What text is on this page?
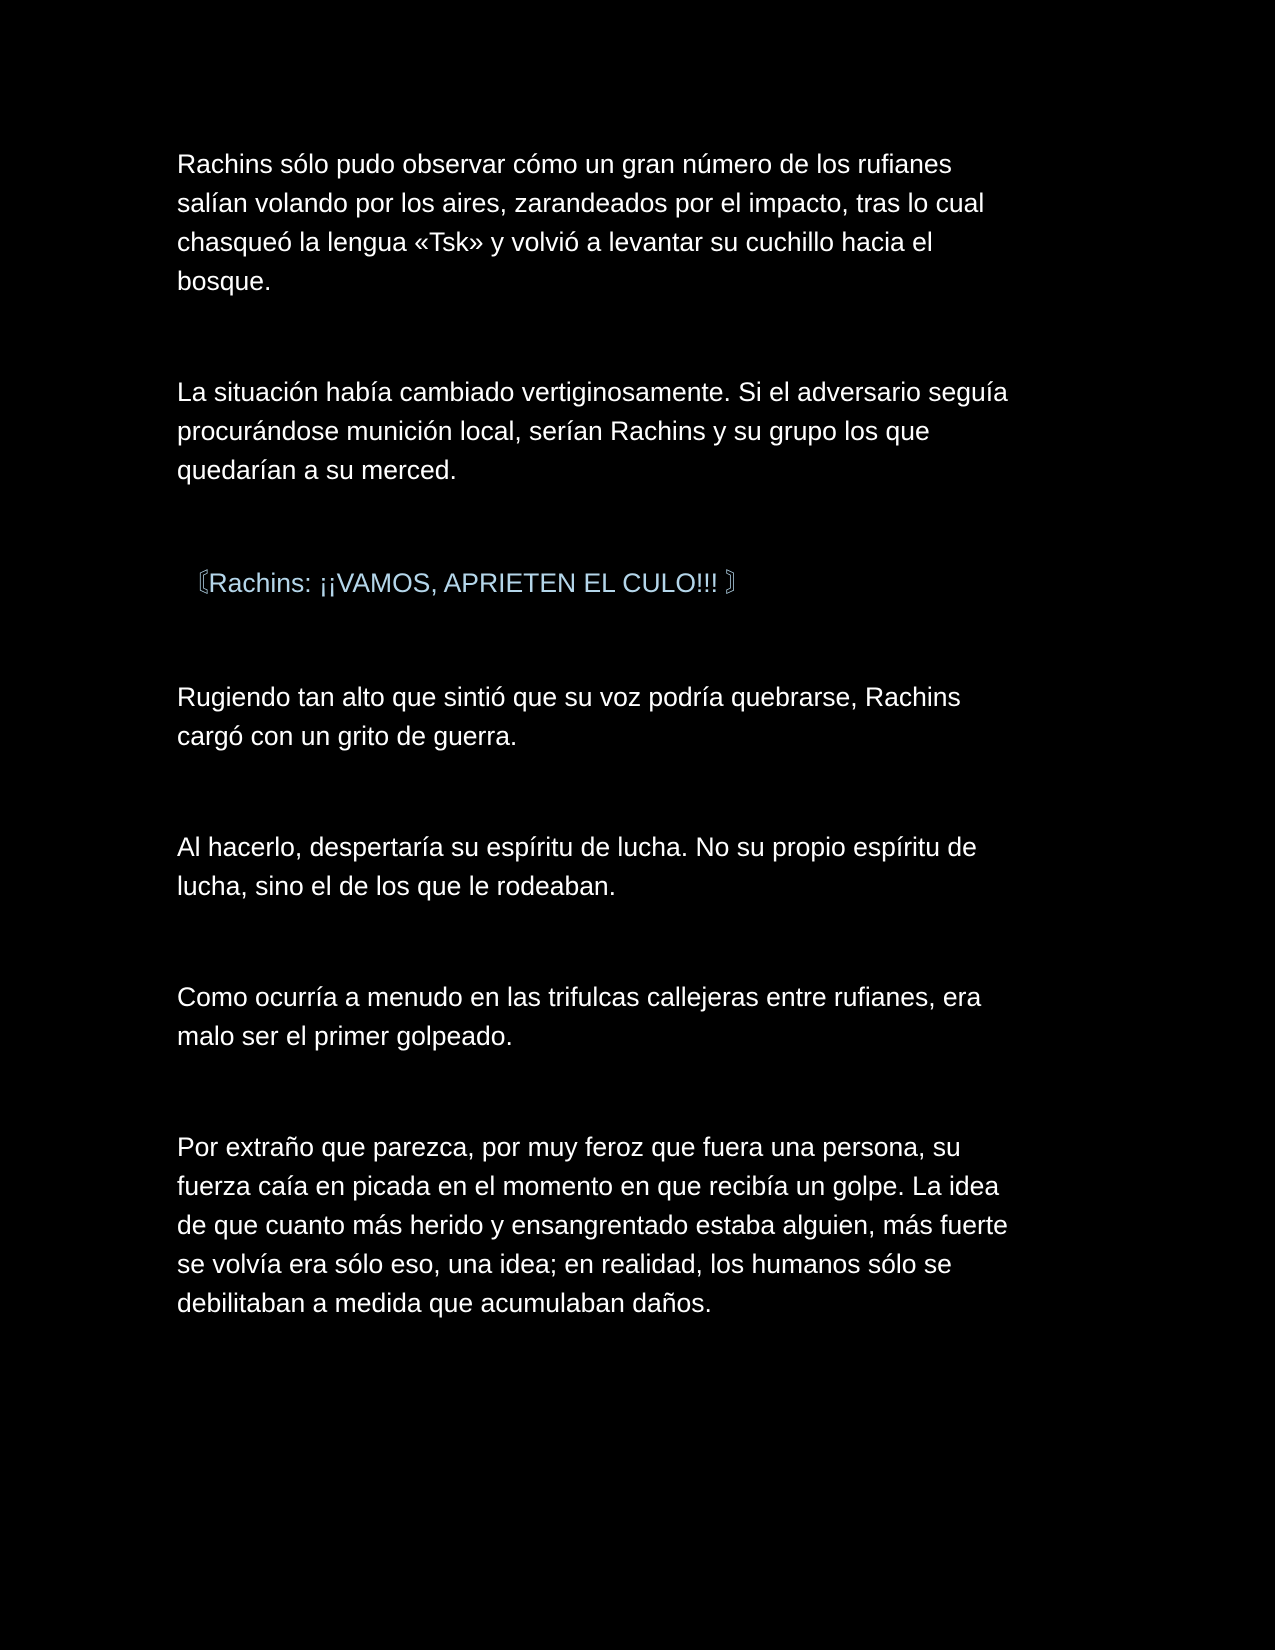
Rachins sólo pudo observar cómo un gran número de los rufianes
salían volando por los aires, zarandeados por el impacto, tras lo cual
chasqueó la lengua «Tsk» y volvió a levantar su cuchillo hacia el
bosque.

La situación había cambiado vertiginosamente. Si el adversario seguía
procurándose munición local, serían Rachins y su grupo los que
quedarían a su merced.

〘Rachins: ¡¡VAMOS, APRIETEN EL CULO!!! 〙

Rugiendo tan alto que sintió que su voz podría quebrarse, Rachins
cargó con un grito de guerra.

Al hacerlo, despertaría su espíritu de lucha. No su propio espíritu de
lucha, sino el de los que le rodeaban.

Como ocurría a menudo en las trifulcas callejeras entre rufianes, era
malo ser el primer golpeado.

Por extraño que parezca, por muy feroz que fuera una persona, su
fuerza caía en picada en el momento en que recibía un golpe. La idea
de que cuanto más herido y ensangrentado estaba alguien, más fuerte
se volvía era sólo eso, una idea; en realidad, los humanos sólo se
debilitaban a medida que acumulaban daños.
